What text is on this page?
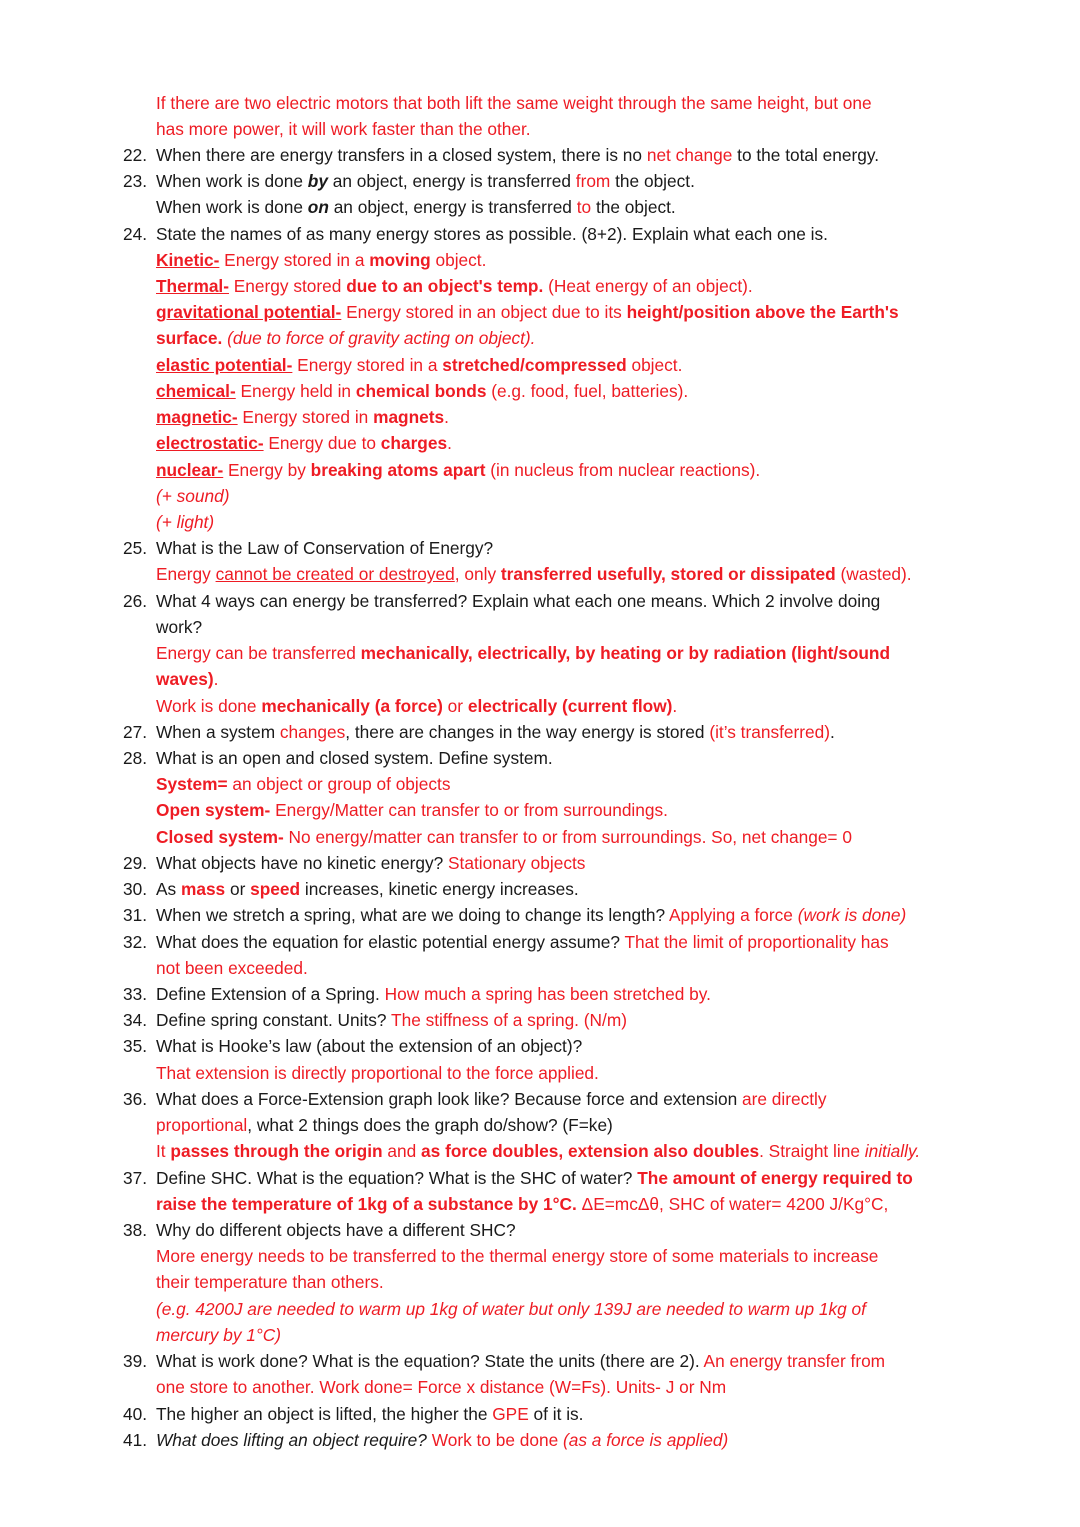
If there are two electric motors that both lift the same weight through the same height, but one
has more power, it will work faster than the other.
22. When there are energy transfers in a closed system, there is no net change to the total energy.
23. When work is done by an object, energy is transferred from the object.
When work is done on an object, energy is transferred to the object.
24. State the names of as many energy stores as possible. (8+2). Explain what each one is.
Kinetic- Energy stored in a moving object.
Thermal- Energy stored due to an object's temp. (Heat energy of an object).
gravitational potential- Energy stored in an object due to its height/position above the Earth's
surface. (due to force of gravity acting on object).
elastic potential- Energy stored in a stretched/compressed object.
chemical- Energy held in chemical bonds (e.g. food, fuel, batteries).
magnetic- Energy stored in magnets.
electrostatic- Energy due to charges.
nuclear- Energy by breaking atoms apart (in nucleus from nuclear reactions).
(+ sound)
(+ light)
25. What is the Law of Conservation of Energy?
Energy cannot be created or destroyed, only transferred usefully, stored or dissipated (wasted).
26. What 4 ways can energy be transferred? Explain what each one means. Which 2 involve doing
work?
Energy can be transferred mechanically, electrically, by heating or by radiation (light/sound
waves).
Work is done mechanically (a force) or electrically (current flow).
27. When a system changes, there are changes in the way energy is stored (it’s transferred).
28. What is an open and closed system. Define system.
System= an object or group of objects
Open system- Energy/Matter can transfer to or from surroundings.
Closed system- No energy/matter can transfer to or from surroundings. So, net change= 0
29. What objects have no kinetic energy? Stationary objects
30. As mass or speed increases, kinetic energy increases.
31. When we stretch a spring, what are we doing to change its length? Applying a force (work is done)
32. What does the equation for elastic potential energy assume? That the limit of proportionality has
not been exceeded.
33. Define Extension of a Spring. How much a spring has been stretched by.
34. Define spring constant. Units? The stiffness of a spring. (N/m)
35. What is Hooke’s law (about the extension of an object)?
That extension is directly proportional to the force applied.
36. What does a Force-Extension graph look like? Because force and extension are directly
proportional, what 2 things does the graph do/show? (F=ke)
It passes through the origin and as force doubles, extension also doubles. Straight line initially.
37. Define SHC. What is the equation? What is the SHC of water? The amount of energy required to
raise the temperature of 1kg of a substance by 1°C. ΔE=mcΔθ, SHC of water= 4200 J/Kg°C,
38. Why do different objects have a different SHC?
More energy needs to be transferred to the thermal energy store of some materials to increase
their temperature than others.
(e.g. 4200J are needed to warm up 1kg of water but only 139J are needed to warm up 1kg of
mercury by 1°C)
39. What is work done? What is the equation? State the units (there are 2). An energy transfer from
one store to another. Work done= Force x distance (W=Fs). Units- J or Nm
40. The higher an object is lifted, the higher the GPE of it is.
41. What does lifting an object require? Work to be done (as a force is applied)
